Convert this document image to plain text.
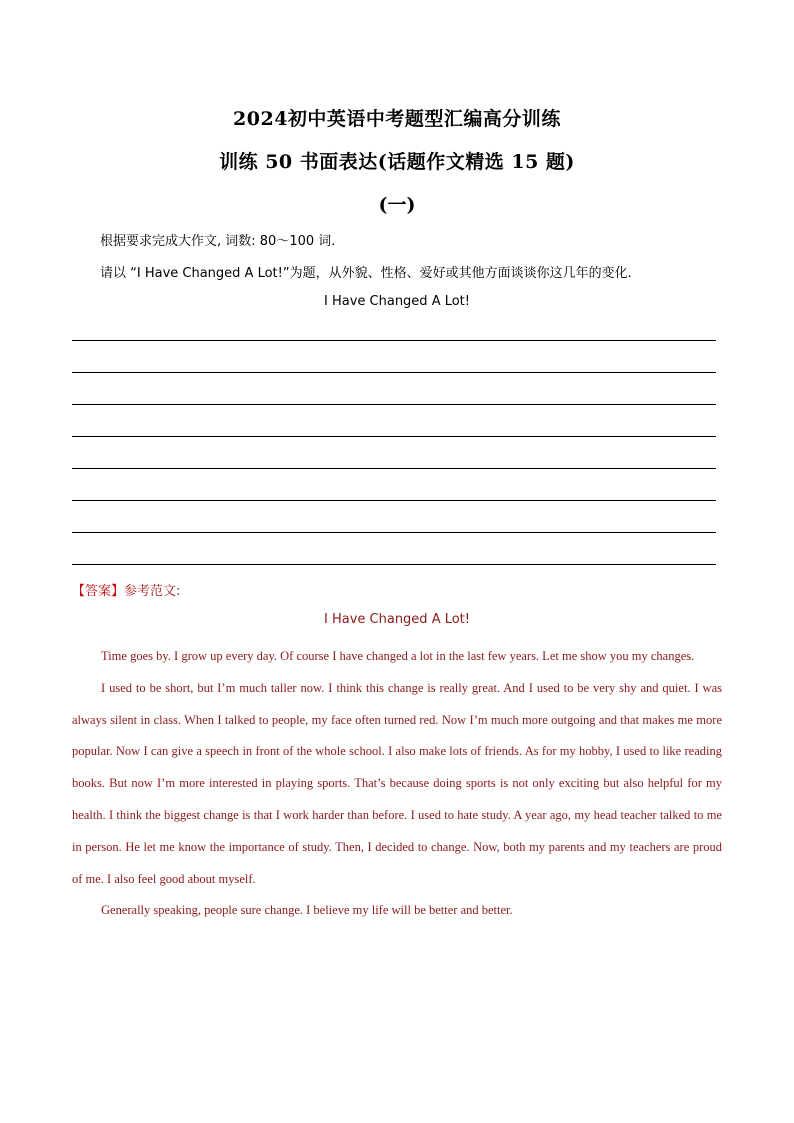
2024初中英语中考题型汇编高分训练
训练 50 书面表达(话题作文精选 15 题)
(一)
根据要求完成大作文, 词数: 80～100 词.
请以 “I Have Changed A Lot!”为题，从外貌、性格、爱好或其他方面谈谈你这几年的变化.
I Have Changed A Lot!
【答案】参考范文:
I Have Changed A Lot!

Time goes by. I grow up every day. Of course I have changed a lot in the last few years. Let me show you my changes.

I used to be short, but I’m much taller now. I think this change is really great. And I used to be very shy and quiet. I was always silent in class. When I talked to people, my face often turned red. Now I’m much more outgoing and that makes me more popular. Now I can give a speech in front of the whole school. I also make lots of friends. As for my hobby, I used to like reading books. But now I’m more interested in playing sports. That’s because doing sports is not only exciting but also helpful for my health. I think the biggest change is that I work harder than before. I used to hate study. A year ago, my head teacher talked to me in person. He let me know the importance of study. Then, I decided to change. Now, both my parents and my teachers are proud of me. I also feel good about myself.

Generally speaking, people sure change. I believe my life will be better and better.
